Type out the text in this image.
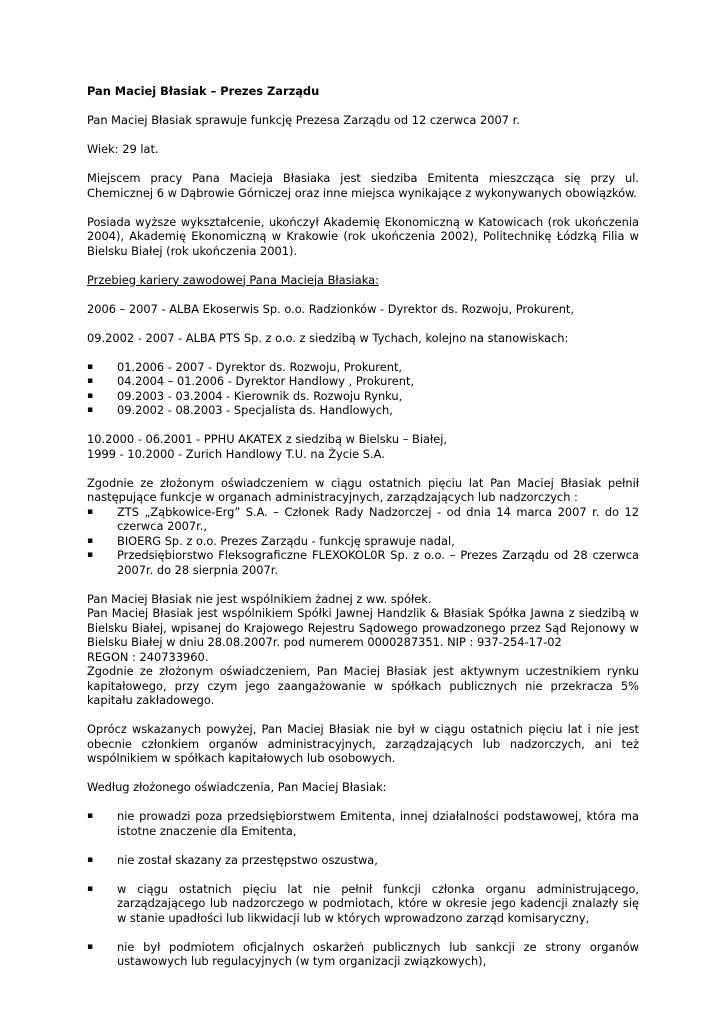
Pan Maciej Błasiak – Prezes Zarządu

Pan Maciej Błasiak sprawuje funkcję Prezesa Zarządu od 12 czerwca 2007 r.

Wiek: 29 lat.

Miejscem pracy Pana Macieja Błasiaka jest siedziba Emitenta mieszcząca się przy ul. Chemicznej 6 w Dąbrowie Górniczej oraz inne miejsca wynikające z wykonywanych obowiązków.

Posiada wyższe wykształcenie, ukończył Akademię Ekonomiczną w Katowicach (rok ukończenia 2004), Akademię Ekonomiczną w Krakowie (rok ukończenia 2002), Politechnikę Łódzką Filia w Bielsku Białej (rok ukończenia 2001).

Przebieg kariery zawodowej Pana Macieja Błasiaka:

2006 – 2007 - ALBA Ekoserwis Sp. o.o. Radzionków - Dyrektor ds. Rozwoju, Prokurent,

09.2002 - 2007 - ALBA PTS Sp. z o.o. z siedzibą w Tychach, kolejno na stanowiskach:

▪ 01.2006 - 2007 - Dyrektor ds. Rozwoju, Prokurent,
▪ 04.2004 – 01.2006 - Dyrektor Handlowy , Prokurent,
▪ 09.2003 - 03.2004 - Kierownik ds. Rozwoju Rynku,
▪ 09.2002 - 08.2003 - Specjalista ds. Handlowych,
10.2000 - 06.2001 - PPHU AKATEX z siedzibą w Bielsku – Białej,
1999 - 10.2000 - Zurich Handlowy T.U. na Życie S.A.
Zgodnie ze złożonym oświadczeniem w ciągu ostatnich pięciu lat Pan Maciej Błasiak pełnił następujące funkcje w organach administracyjnych, zarządzających lub nadzorczych :
▪ ZTS „Ząbkowice-Erg” S.A. – Członek Rady Nadzorczej - od dnia 14 marca 2007 r. do 12 czerwca 2007r.,
▪ BIOERG Sp. z o.o. Prezes Zarządu - funkcję sprawuje nadal,
▪ Przedsiębiorstwo Fleksograficzne FLEXOKOL0R Sp. z o.o. – Prezes Zarządu od 28 czerwca 2007r. do 28 sierpnia 2007r.
Pan Maciej Błasiak nie jest wspólnikiem żadnej z ww. spółek.
Pan Maciej Błasiak jest wspólnikiem Spółki Jawnej Handzlik & Błasiak Spółka Jawna z siedzibą w Bielsku Białej, wpisanej do Krajowego Rejestru Sądowego prowadzonego przez Sąd Rejonowy w Bielsku Białej w dniu 28.08.2007r. pod numerem 0000287351. NIP : 937-254-17-02
REGON : 240733960.
Zgodnie ze złożonym oświadczeniem, Pan Maciej Błasiak jest aktywnym uczestnikiem rynku kapitałowego, przy czym jego zaangażowanie w spółkach publicznych nie przekracza 5% kapitału zakładowego.

Oprócz wskazanych powyżej, Pan Maciej Błasiak nie był w ciągu ostatnich pięciu lat i nie jest obecnie członkiem organów administracyjnych, zarządzających lub nadzorczych, ani też wspólnikiem w spółkach kapitałowych lub osobowych.

Według złożonego oświadczenia, Pan Maciej Błasiak:

▪ nie prowadzi poza przedsiębiorstwem Emitenta, innej działalności podstawowej, która ma istotne znaczenie dla Emitenta,
▪ nie został skazany za przestępstwo oszustwa,
▪ w ciągu ostatnich pięciu lat nie pełnił funkcji członka organu administrującego, zarządzającego lub nadzorczego w podmiotach, które w okresie jego kadencji znalazły się w stanie upadłości lub likwidacji lub w których wprowadzono zarząd komisaryczny,
▪ nie był podmiotem oficjalnych oskarżeń publicznych lub sankcji ze strony organów ustawowych lub regulacyjnych (w tym organizacji związkowych),
